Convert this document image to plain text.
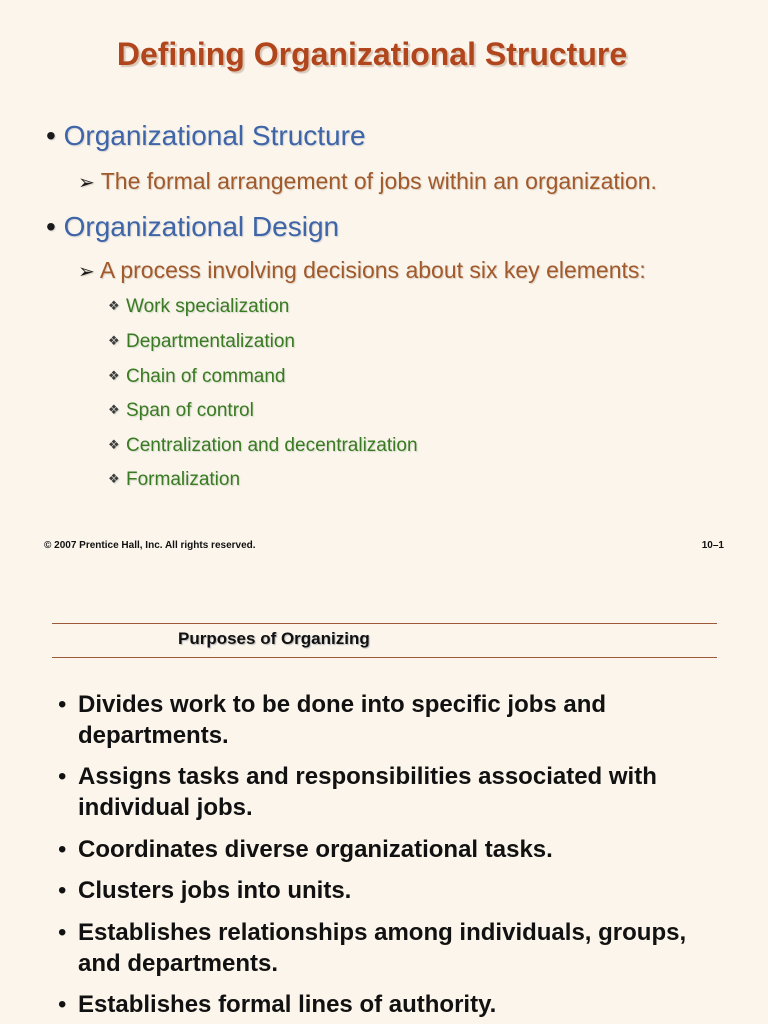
Defining Organizational Structure
• Organizational Structure
➢ The formal arrangement of jobs within an organization.
• Organizational Design
➢ A process involving decisions about six key elements:
❖ Work specialization
❖ Departmentalization
❖ Chain of command
❖ Span of control
❖ Centralization and decentralization
❖ Formalization
© 2007 Prentice Hall, Inc. All rights reserved.	10–1
Purposes of Organizing
• Divides work to be done into specific jobs and departments.
• Assigns tasks and responsibilities associated with individual jobs.
• Coordinates diverse organizational tasks.
• Clusters jobs into units.
• Establishes relationships among individuals, groups, and departments.
• Establishes formal lines of authority.
